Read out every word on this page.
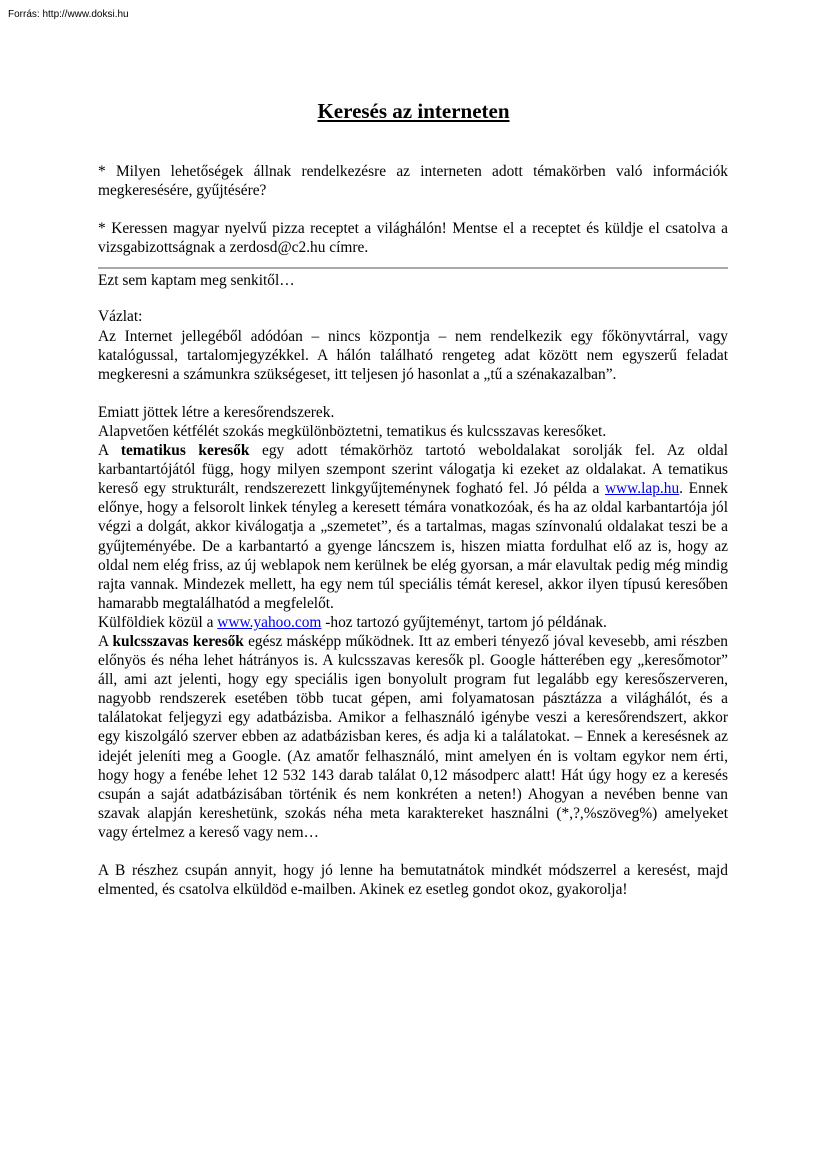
Forrás: http://www.doksi.hu
Keresés az interneten

* Milyen lehetőségek állnak rendelkezésre az interneten adott témakörben való információk megkeresésére, gyűjtésére?

* Keressen magyar nyelvű pizza receptet a világhálón! Mentse el a receptet és küldje el csatolva a vizsgabizottságnak a zerdosd@c2.hu címre.

Ezt sem kaptam meg senkitől…

Vázlat:

Az Internet jellegéből adódóan – nincs központja – nem rendelkezik egy főkönyvtárral, vagy katalógussal, tartalomjegyzékkel. A hálón található rengeteg adat között nem egyszerű feladat megkeresni a számunkra szükségeset, itt teljesen jó hasonlat a „tű a szénakazalban”.

Emiatt jöttek létre a keresőrendszerek.

Alapvetően kétfélét szokás megkülönböztetni, tematikus és kulcsszavas keresőket.

A tematikus keresők egy adott témakörhöz tartotó weboldalakat sorolják fel. Az oldal karbantartójától függ, hogy milyen szempont szerint válogatja ki ezeket az oldalakat. A tematikus kereső egy strukturált, rendszerezett linkgyűjteménynek fogható fel. Jó példa a www.lap.hu. Ennek előnye, hogy a felsorolt linkek tényleg a keresett témára vonatkozóak, és ha az oldal karbantartója jól végzi a dolgát, akkor kiválogatja a „szemetet”, és a tartalmas, magas színvonalú oldalakat teszi be a gyűjteményébe. De a karbantartó a gyenge láncszem is, hiszen miatta fordulhat elő az is, hogy az oldal nem elég friss, az új weblapok nem kerülnek be elég gyorsan, a már elavultak pedig még mindig rajta vannak. Mindezek mellett, ha egy nem túl speciális témát keresel, akkor ilyen típusú keresőben hamarabb megtalálhatód a megfelelőt.

Külföldiek közül a www.yahoo.com -hoz tartozó gyűjteményt, tartom jó példának.

A kulcsszavas keresők egész másképp működnek. Itt az emberi tényező jóval kevesebb, ami részben előnyös és néha lehet hátrányos is. A kulcsszavas keresők pl. Google hátterében egy „keresőmotor” áll, ami azt jelenti, hogy egy speciális igen bonyolult program fut legalább egy keresőszerveren, nagyobb rendszerek esetében több tucat gépen, ami folyamatosan pásztázza a világhálót, és a találatokat feljegyzi egy adatbázisba. Amikor a felhasználó igénybe veszi a keresőrendszert, akkor egy kiszolgáló szerver ebben az adatbázisban keres, és adja ki a találatokat. – Ennek a keresésnek az idejét jeleníti meg a Google. (Az amatőr felhasználó, mint amelyen én is voltam egykor nem érti, hogy hogy a fenébe lehet 12 532 143 darab találat 0,12 másodperc alatt! Hát úgy hogy ez a keresés csupán a saját adatbázisában történik és nem konkréten a neten!) Ahogyan a nevében benne van szavak alapján kereshetünk, szokás néha meta karaktereket használni (*,?,%szöveg%) amelyeket vagy értelmez a kereső vagy nem…

A B részhez csupán annyit, hogy jó lenne ha bemutatnátok mindkét módszerrel a keresést, majd elmented, és csatolva elküldöd e-mailben. Akinek ez esetleg gondot okoz, gyakorolja!
